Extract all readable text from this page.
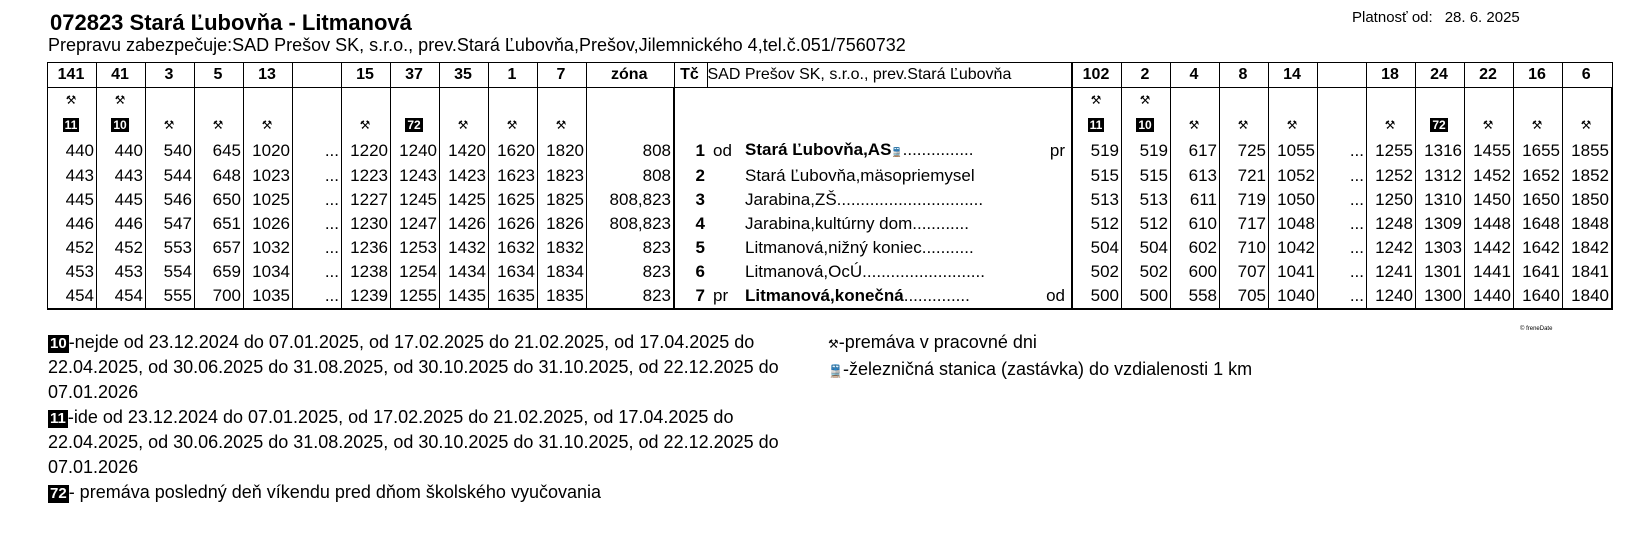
072823 Stará Ľubovňa - Litmanová
Prepravu zabezpečuje:SAD Prešov SK, s.r.o., prev.Stará Ľubovňa,Prešov,Jilemnického 4,tel.č.051/7560732
Platnosť od: 28. 6. 2025
141	41	3	5	13		15	37	35	1	7	zóna	Tč	SAD Prešov SK, s.r.o., prev.Stará Ľubovňa			102	2	4	8	14		18	24	22	16	6
⚒	⚒															⚒	⚒									
11	10	⚒	⚒	⚒		⚒	72	⚒	⚒	⚒						11	10	⚒	⚒	⚒		⚒	72	⚒	⚒	⚒
440	440	540	645	1020	...	1220	1240	1420	1620	1820	808	1	od	Stará Ľubovňa,AS🚆...............	pr	519	519	617	725	1055	...	1255	1316	1455	1655	1855
443	443	544	648	1023	...	1223	1243	1423	1623	1823	808	2		Stará Ľubovňa,mäsopriemysel		515	515	613	721	1052	...	1252	1312	1452	1652	1852
445	445	546	650	1025	...	1227	1245	1425	1625	1825	808,823	3		Jarabina,ZŠ...............................		513	513	611	719	1050	...	1250	1310	1450	1650	1850
446	446	547	651	1026	...	1230	1247	1426	1626	1826	808,823	4		Jarabina,kultúrny dom............		512	512	610	717	1048	...	1248	1309	1448	1648	1848
452	452	553	657	1032	...	1236	1253	1432	1632	1832	823	5		Litmanová,nižný koniec...........		504	504	602	710	1042	...	1242	1303	1442	1642	1842
453	453	554	659	1034	...	1238	1254	1434	1634	1834	823	6		Litmanová,OcÚ..........................		502	502	600	707	1041	...	1241	1301	1441	1641	1841
454	454	555	700	1035	...	1239	1255	1435	1635	1835	823	7	pr	Litmanová,konečná..............	od	500	500	558	705	1040	...	1240	1300	1440	1640	1840
© freneDate
10 -nejde od 23.12.2024 do 07.01.2025, od 17.02.2025 do 21.02.2025, od 17.04.2025 do 22.04.2025, od 30.06.2025 do 31.08.2025, od 30.10.2025 do 31.10.2025, od 22.12.2025 do 07.01.2026
11 -ide od 23.12.2024 do 07.01.2025, od 17.02.2025 do 21.02.2025, od 17.04.2025 do 22.04.2025, od 30.06.2025 do 31.08.2025, od 30.10.2025 do 31.10.2025, od 22.12.2025 do 07.01.2026
72 - premáva posledný deň víkendu pred dňom školského vyučovania
⚒-premáva v pracovné dni
🚆-železničná stanica (zastávka) do vzdialenosti 1 km
